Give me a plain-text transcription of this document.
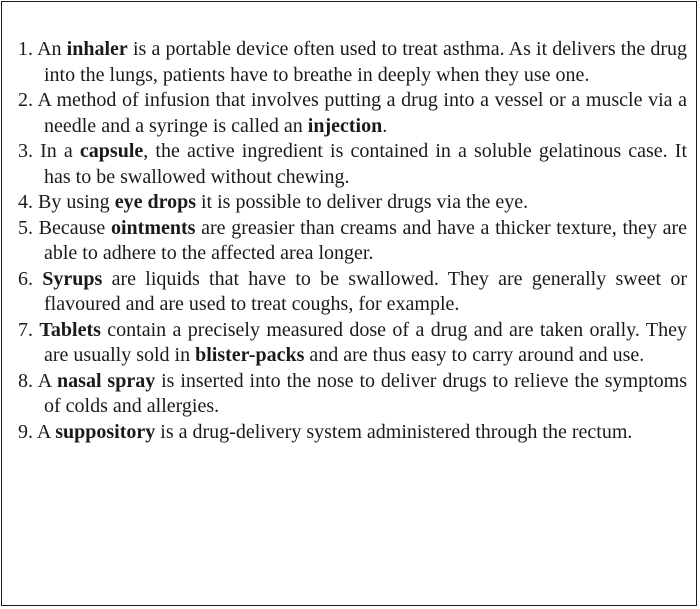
1. An inhaler is a portable device often used to treat asthma. As it delivers the drug into the lungs, patients have to breathe in deeply when they use one.
2. A method of infusion that involves putting a drug into a vessel or a muscle via a needle and a syringe is called an injection.
3. In a capsule, the active ingredient is contained in a soluble gelatinous case. It has to be swallowed without chewing.
4. By using eye drops it is possible to deliver drugs via the eye.
5. Because ointments are greasier than creams and have a thicker texture, they are able to adhere to the affected area longer.
6. Syrups are liquids that have to be swallowed. They are generally sweet or flavoured and are used to treat coughs, for example.
7. Tablets contain a precisely measured dose of a drug and are taken orally. They are usually sold in blister-packs and are thus easy to carry around and use.
8. A nasal spray is inserted into the nose to deliver drugs to relieve the symptoms of colds and allergies.
9. A suppository is a drug-delivery system administered through the rectum.
